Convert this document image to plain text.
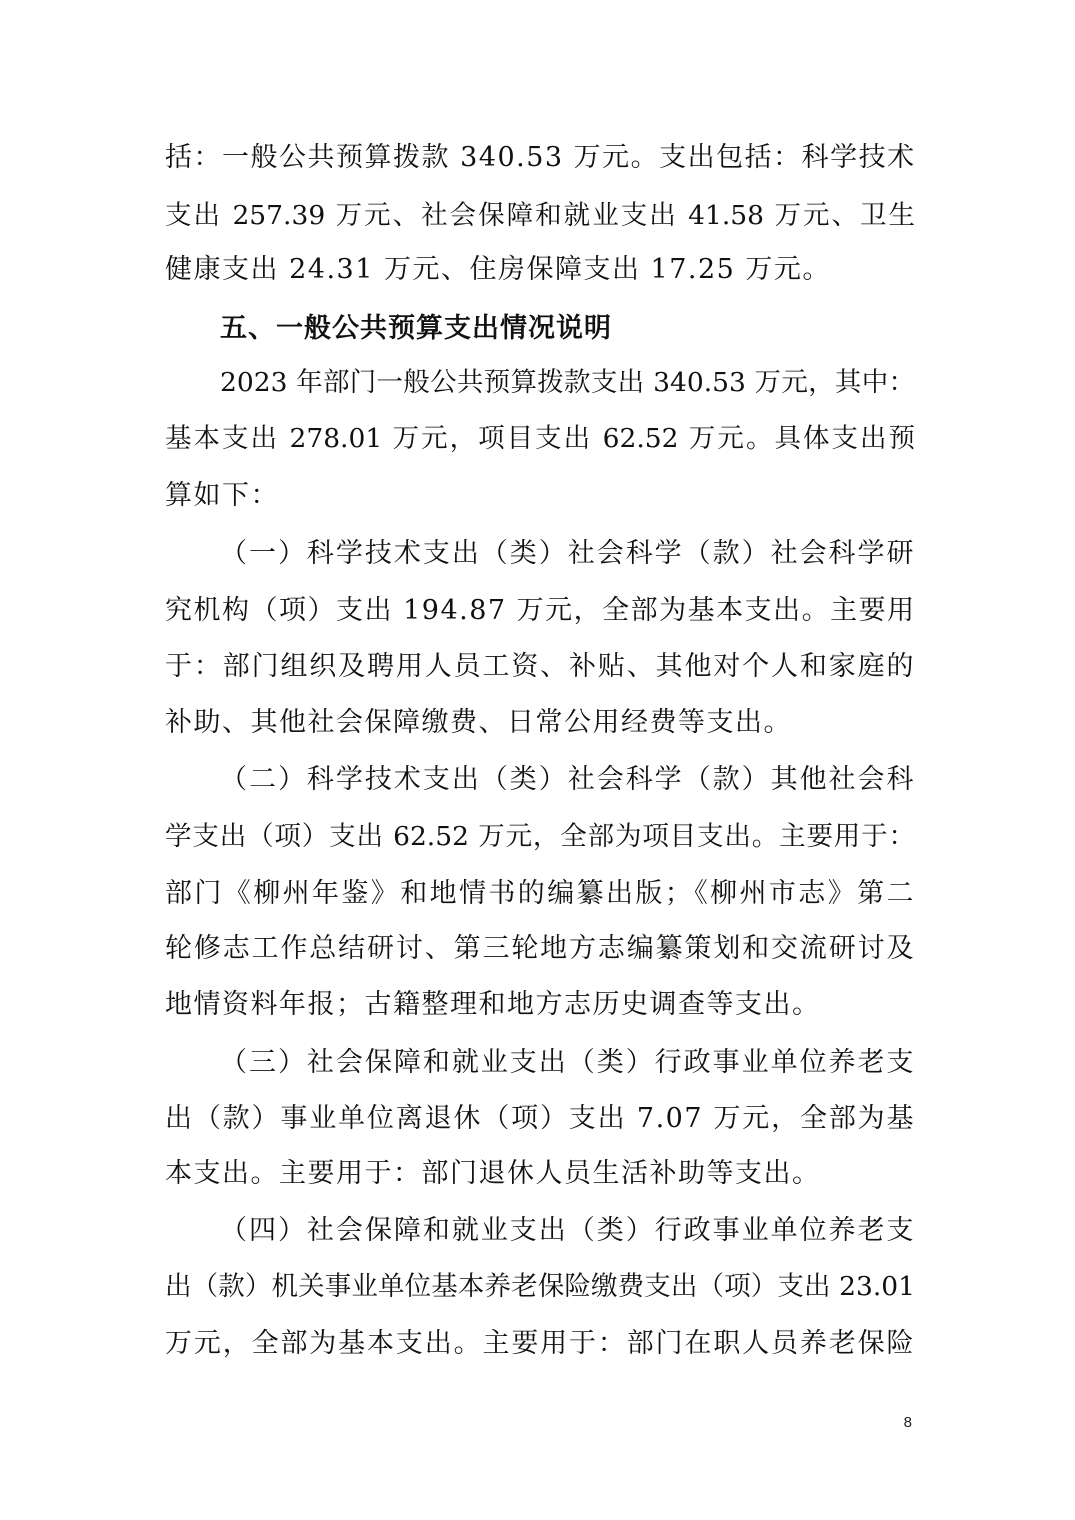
括：一般公共预算拨款 340.53 万元。支出包括：科学技术
支出 257.39 万元、社会保障和就业支出 41.58 万元、卫生
健康支出 24.31 万元、住房保障支出 17.25 万元。
五、一般公共预算支出情况说明
2023 年部门一般公共预算拨款支出 340.53 万元，其中：
基本支出 278.01 万元，项目支出 62.52 万元。具体支出预
算如下：
（一）科学技术支出（类）社会科学（款）社会科学研
究机构（项）支出 194.87 万元，全部为基本支出。主要用
于：部门组织及聘用人员工资、补贴、其他对个人和家庭的
补助、其他社会保障缴费、日常公用经费等支出。
（二）科学技术支出（类）社会科学（款）其他社会科
学支出（项）支出 62.52 万元，全部为项目支出。主要用于：
部门《柳州年鉴》和地情书的编纂出版；《柳州市志》第二
轮修志工作总结研讨、第三轮地方志编纂策划和交流研讨及
地情资料年报；古籍整理和地方志历史调查等支出。
（三）社会保障和就业支出（类）行政事业单位养老支
出（款）事业单位离退休（项）支出 7.07 万元，全部为基
本支出。主要用于：部门退休人员生活补助等支出。
（四）社会保障和就业支出（类）行政事业单位养老支
出（款）机关事业单位基本养老保险缴费支出（项）支出 23.01
万元，全部为基本支出。主要用于：部门在职人员养老保险
8
